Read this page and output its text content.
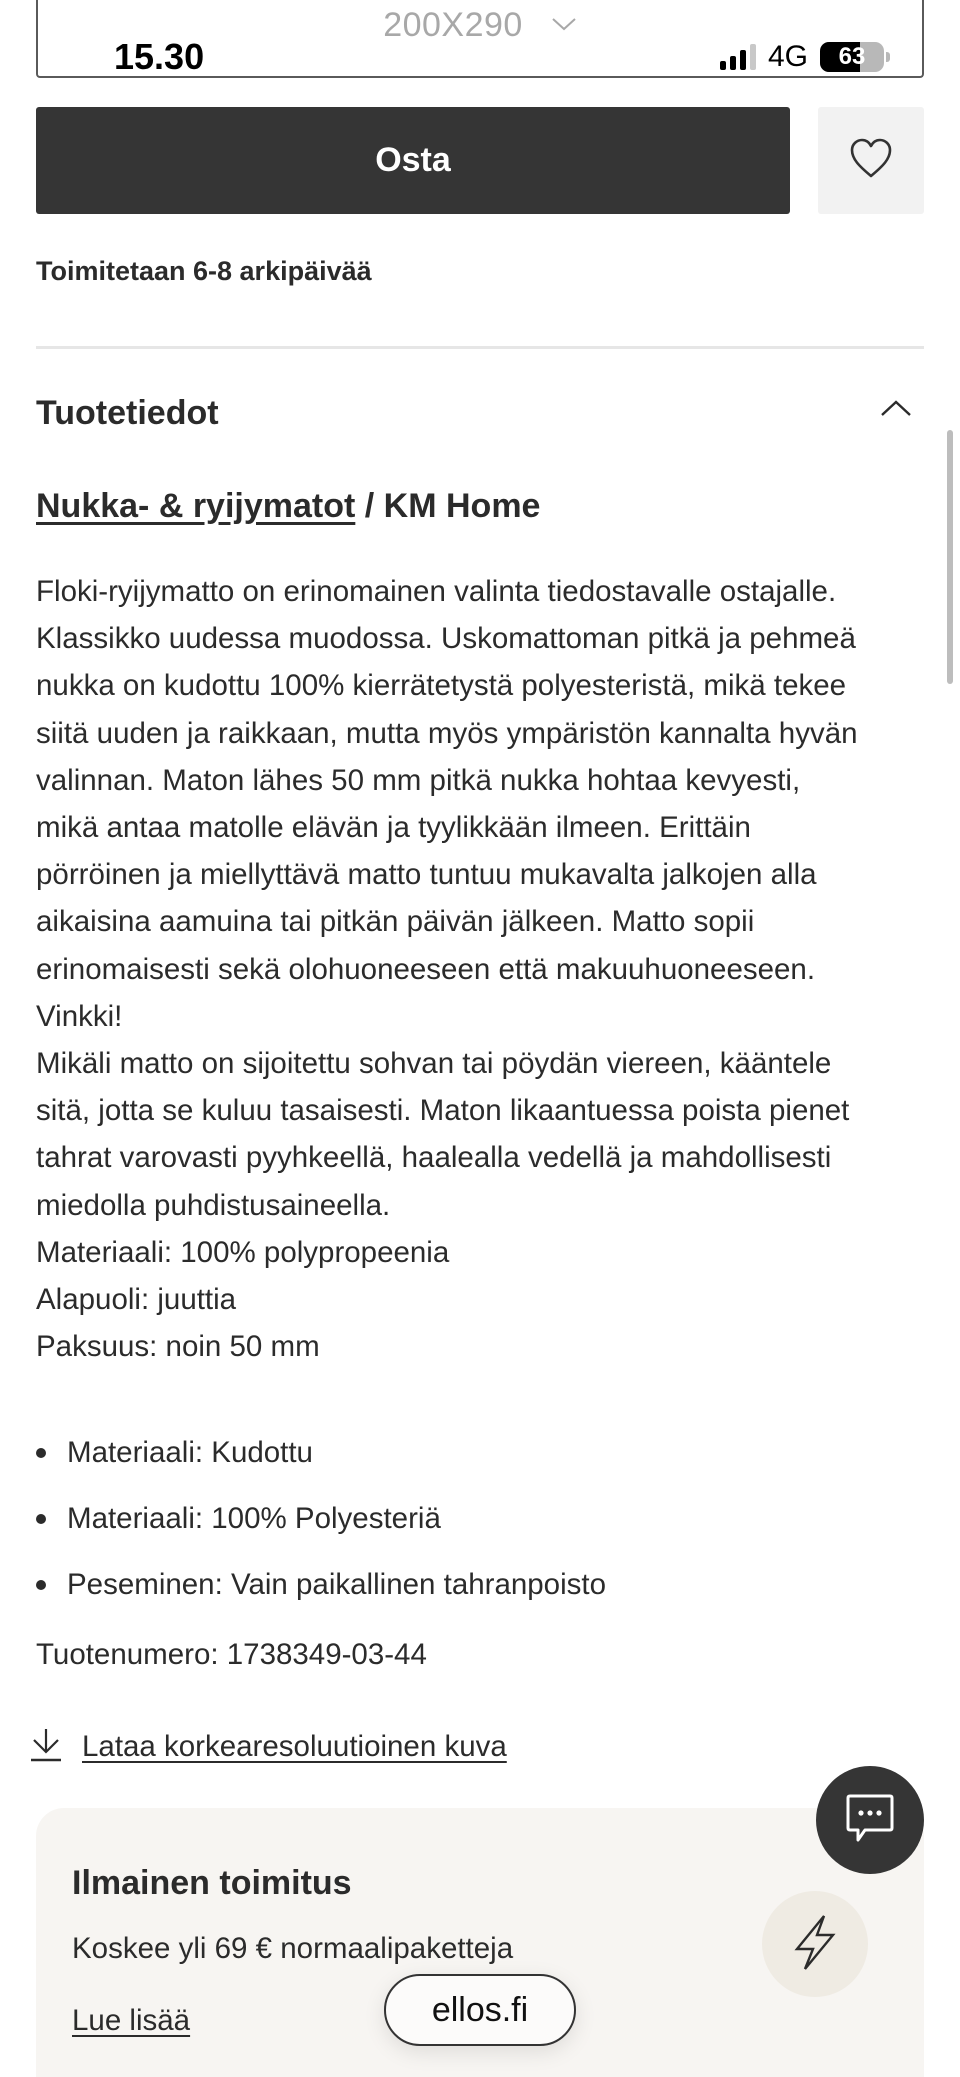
200X290
15.30	4G	63
Osta
Toimitetaan 6-8 arkipäivää
Tuotetiedot
Nukka- & ryijymatot / KM Home
Floki-ryijymatto on erinomainen valinta tiedostavalle ostajalle.
Klassikko uudessa muodossa. Uskomattoman pitkä ja pehmeä
nukka on kudottu 100% kierrätetystä polyesteristä, mikä tekee
siitä uuden ja raikkaan, mutta myös ympäristön kannalta hyvän
valinnan. Maton lähes 50 mm pitkä nukka hohtaa kevyesti,
mikä antaa matolle elävän ja tyylikkään ilmeen. Erittäin
pörröinen ja miellyttävä matto tuntuu mukavalta jalkojen alla
aikaisina aamuina tai pitkän päivän jälkeen. Matto sopii
erinomaisesti sekä olohuoneeseen että makuuhuoneeseen.
Vinkki!
Mikäli matto on sijoitettu sohvan tai pöydän viereen, kääntele
sitä, jotta se kuluu tasaisesti. Maton likaantuessa poista pienet
tahrat varovasti pyyhkeellä, haalealla vedellä ja mahdollisesti
miedolla puhdistusaineella.
Materiaali: 100% polypropeenia
Alapuoli: juuttia
Paksuus: noin 50 mm
Materiaali: Kudottu
Materiaali: 100% Polyesteriä
Peseminen: Vain paikallinen tahranpoisto
Tuotenumero: 1738349-03-44
Lataa korkearesoluutioinen kuva
Ilmainen toimitus
Koskee yli 69 € normaalipaketteja
Lue lisää	ellos.fi
